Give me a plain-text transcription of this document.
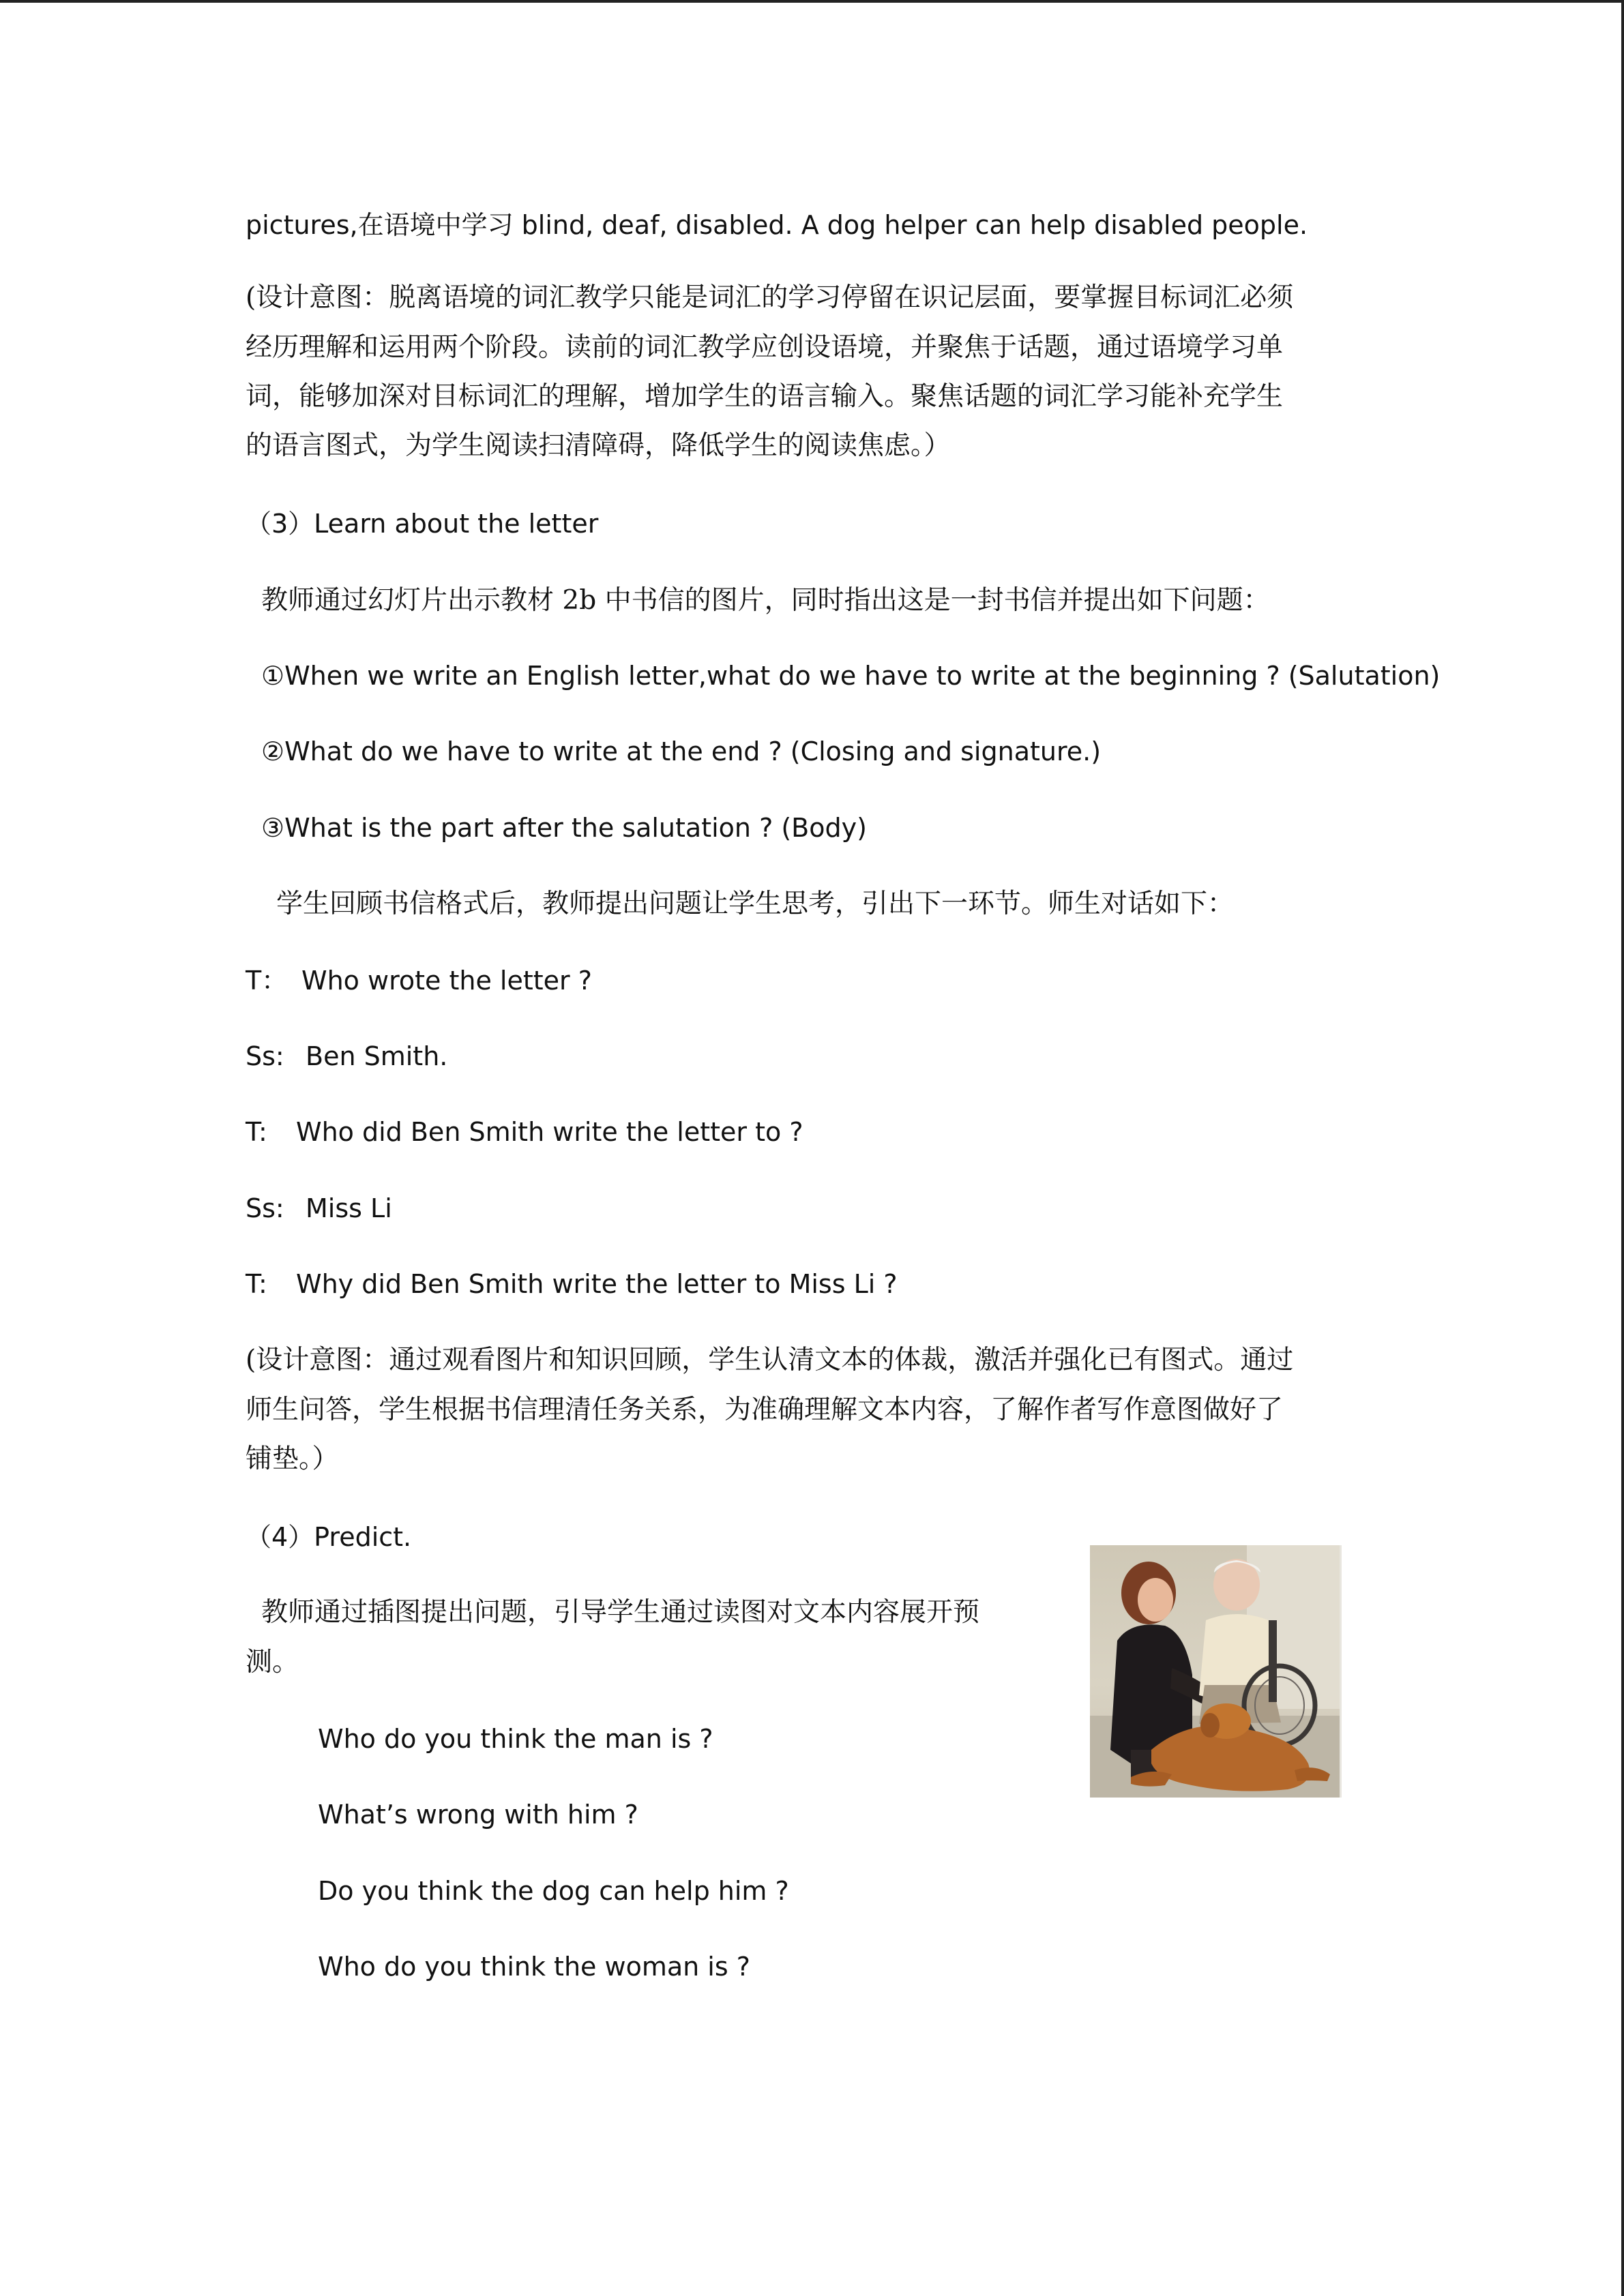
pictures,在语境中学习 blind, deaf, disabled. A dog helper can help disabled people.
(设计意图：脱离语境的词汇教学只能是词汇的学习停留在识记层面，要掌握目标词汇必须
经历理解和运用两个阶段。读前的词汇教学应创设语境，并聚焦于话题，通过语境学习单
词，能够加深对目标词汇的理解，增加学生的语言输入。聚焦话题的词汇学习能补充学生
的语言图式，为学生阅读扫清障碍，降低学生的阅读焦虑。）
（3）Learn about the letter
教师通过幻灯片出示教材 2b 中书信的图片，同时指出这是一封书信并提出如下问题：
①When we write an English letter,what do we have to write at the beginning ? (Salutation)
②What do we have to write at the end ? (Closing and signature.)
③What is the part after the salutation ? (Body)
学生回顾书信格式后，教师提出问题让学生思考，引出下一环节。师生对话如下：
T： Who wrote the letter ?
Ss: Ben Smith.
T: Who did Ben Smith write the letter to ?
Ss: Miss Li
T: Why did Ben Smith write the letter to Miss Li ?
(设计意图：通过观看图片和知识回顾，学生认清文本的体裁，激活并强化已有图式。通过
师生问答，学生根据书信理清任务关系，为准确理解文本内容，了解作者写作意图做好了
铺垫。）
（4）Predict.
教师通过插图提出问题，引导学生通过读图对文本内容展开预
测。
Who do you think the man is ?
What’s wrong with him ?
Do you think the dog can help him ?
Who do you think the woman is ?
